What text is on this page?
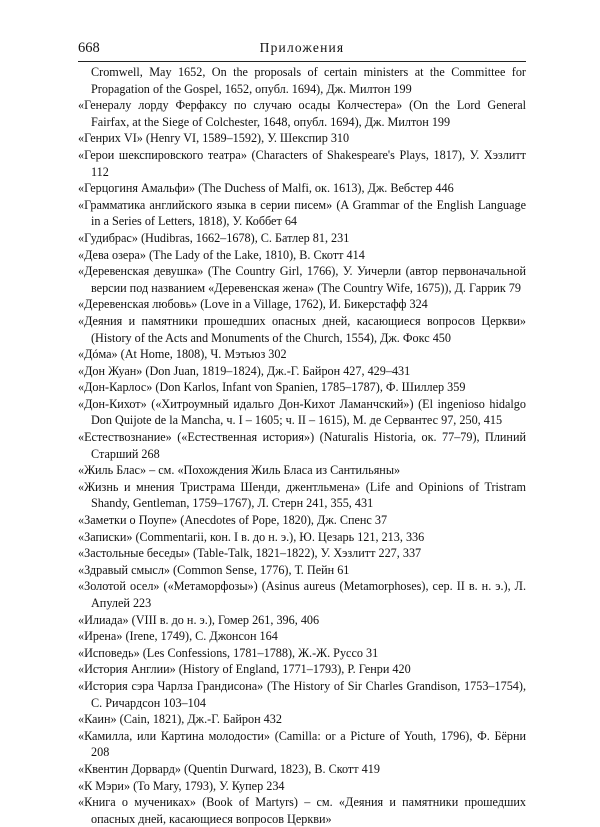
668	Приложения
Cromwell, May 1652, On the proposals of certain ministers at the Committee for Propagation of the Gospel, 1652, опубл. 1694), Дж. Милтон 199
«Генералу лорду Ферфаксу по случаю осады Колчестера» (On the Lord General Fairfax, at the Siege of Colchester, 1648, опубл. 1694), Дж. Милтон 199
«Генрих VI» (Henry VI, 1589–1592), У. Шекспир 310
«Герои шекспировского театра» (Characters of Shakespeare's Plays, 1817), У. Хэзлитт 112
«Герцогиня Амальфи» (The Duchess of Malfi, ок. 1613), Дж. Вебстер 446
«Грамматика английского языка в серии писем» (A Grammar of the English Language in a Series of Letters, 1818), У. Коббет 64
«Гудибрас» (Hudibras, 1662–1678), С. Батлер 81, 231
«Дева озера» (The Lady of the Lake, 1810), В. Скотт 414
«Деревенская девушка» (The Country Girl, 1766), У. Уичерли (автор первоначальной версии под названием «Деревенская жена» (The Country Wife, 1675)), Д. Гаррик 79
«Деревенская любовь» (Love in a Village, 1762), И. Бикерстафф 324
«Деяния и памятники прошедших опасных дней, касающиеся вопросов Церкви» (History of the Acts and Monuments of the Church, 1554), Дж. Фокс 450
«Дóма» (At Home, 1808), Ч. Мэтьюз 302
«Дон Жуан» (Don Juan, 1819–1824), Дж.-Г. Байрон 427, 429–431
«Дон-Карлос» (Don Karlos, Infant von Spanien, 1785–1787), Ф. Шиллер 359
«Дон-Кихот» («Хитроумный идальго Дон-Кихот Ламанчский») (El ingenioso hidalgo Don Quijote de la Mancha, ч. I – 1605; ч. II – 1615), М. де Сервантес 97, 250, 415
«Естествознание» («Естественная история») (Naturalis Historia, ок. 77–79), Плиний Старший 268
«Жиль Блас» – см. «Похождения Жиль Бласа из Сантильяны»
«Жизнь и мнения Тристрама Шенди, джентльмена» (Life and Opinions of Tristram Shandy, Gentleman, 1759–1767), Л. Стерн 241, 355, 431
«Заметки о Поупе» (Anecdotes of Pope, 1820), Дж. Спенс 37
«Записки» (Commentarii, кон. I в. до н. э.), Ю. Цезарь 121, 213, 336
«Застольные беседы» (Table-Talk, 1821–1822), У. Хэзлитт 227, 337
«Здравый смысл» (Common Sense, 1776), Т. Пейн 61
«Золотой осел» («Метаморфозы») (Asinus aureus (Metamorphoses), сер. II в. н. э.), Л. Апулей 223
«Илиада» (VIII в. до н. э.), Гомер 261, 396, 406
«Ирена» (Irene, 1749), С. Джонсон 164
«Исповедь» (Les Confessions, 1781–1788), Ж.-Ж. Руссо 31
«История Англии» (History of England, 1771–1793), Р. Генри 420
«История сэра Чарлза Грандисона» (The History of Sir Charles Grandison, 1753–1754), С. Ричардсон 103–104
«Каин» (Cain, 1821), Дж.-Г. Байрон 432
«Камилла, или Картина молодости» (Camilla: or a Picture of Youth, 1796), Ф. Бёрни 208
«Квентин Дорвард» (Quentin Durward, 1823), В. Скотт 419
«К Мэри» (To Mary, 1793), У. Купер 234
«Книга о мучениках» (Book of Martyrs) – см. «Деяния и памятники прошедших опасных дней, касающиеся вопросов Церкви»
